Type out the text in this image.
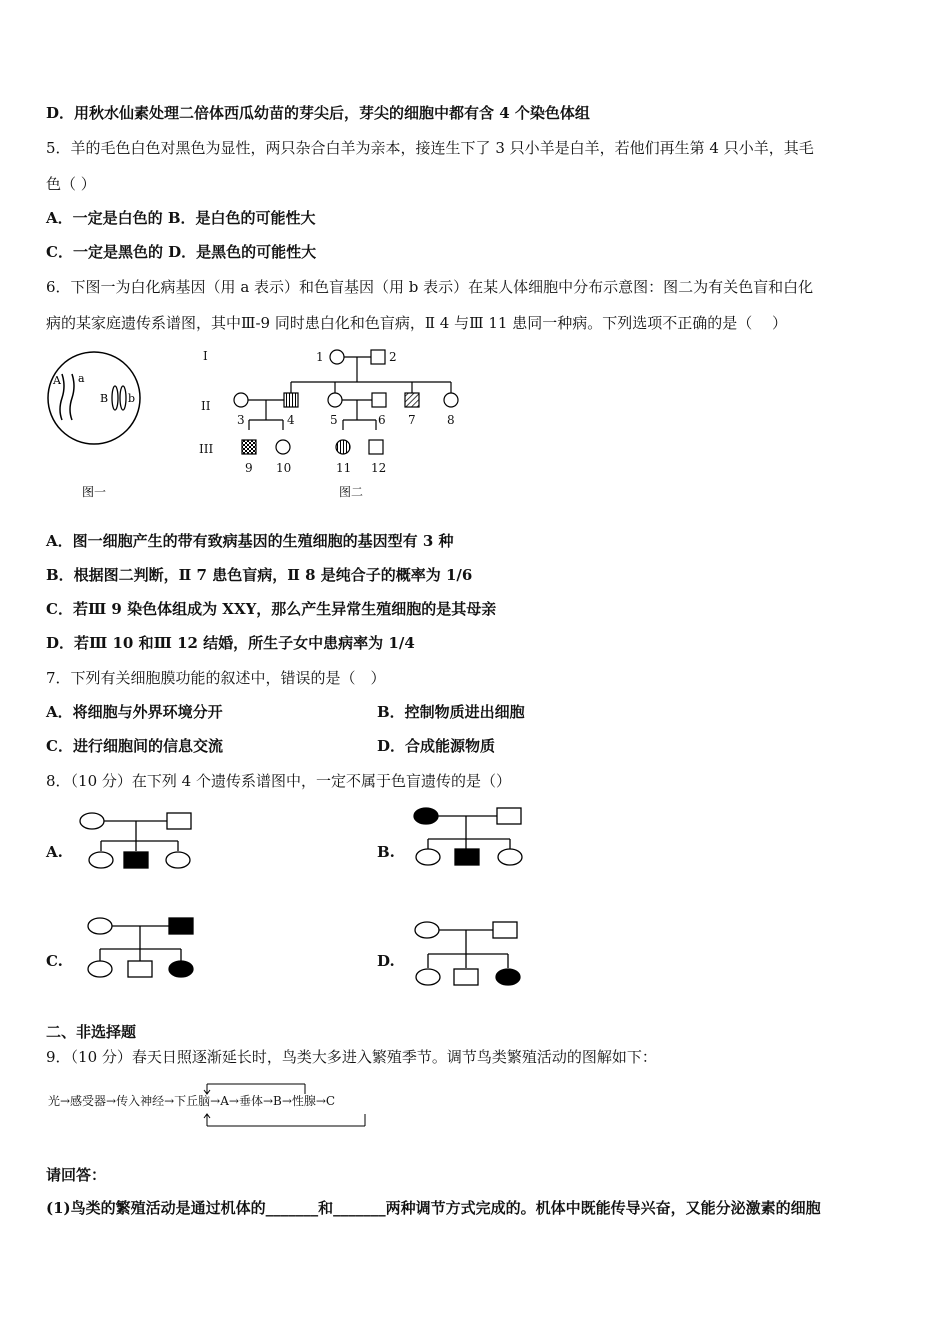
D．用秋水仙素处理二倍体西瓜幼苗的芽尖后，芽尖的细胞中都有含 4 个染色体组
5．羊的毛色白色对黑色为显性，两只杂合白羊为亲本，接连生下了 3 只小羊是白羊，若他们再生第 4 只小羊，其毛
色（ ）
A．一定是白色的 B．是白色的可能性大
C．一定是黑色的 D．是黑色的可能性大
6．下图一为白化病基因（用 a 表示）和色盲基因（用 b 表示）在某人体细胞中分布示意图：图二为有关色盲和白化
病的某家庭遗传系谱图，其中Ⅲ-9 同时患白化和色盲病，Ⅱ 4 与Ⅲ 11 患同一种病。下列选项不正确的是（　 ）
A a
B b
图一
I
II
III
1	2
3	4	5	6 7	8
9 10	11 12
图二
A．图一细胞产生的带有致病基因的生殖细胞的基因型有 3 种
B．根据图二判断，Ⅱ 7 患色盲病，Ⅱ 8 是纯合子的概率为 1/6
C．若Ⅲ 9 染色体组成为 XXY，那么产生异常生殖细胞的是其母亲
D．若Ⅲ 10 和Ⅲ 12 结婚，所生子女中患病率为 1/4
7．下列有关细胞膜功能的叙述中，错误的是（　）
A．将细胞与外界环境分开	B．控制物质进出细胞
C．进行细胞间的信息交流	D．合成能源物质
8．（10 分）在下列 4 个遗传系谱图中，一定不属于色盲遗传的是（）
A.	B.
C.	D.
二、非选择题
9．（10 分）春天日照逐渐延长时，鸟类大多进入繁殖季节。调节鸟类繁殖活动的图解如下：
光→感受器→传入神经→下丘脑→A→垂体→B→性腺→C
请回答：
(1)鸟类的繁殖活动是通过机体的_______和_______两种调节方式完成的。机体中既能传导兴奋，又能分泌激素的细胞
